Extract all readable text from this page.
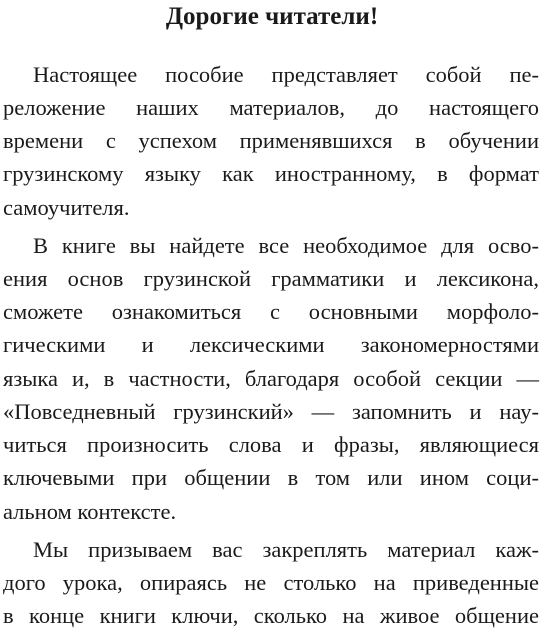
Дорогие читатели!

Настоящее пособие представляет собой пе-

реложение наших материалов, до настоящего

времени с успехом применявшихся в обучении

грузинскому языку как иностранному, в формат

самоучителя.

В книге вы найдете все необходимое для осво-

ения основ грузинской грамматики и лексикона,

сможете ознакомиться с основными морфоло-

гическими и лексическими закономерностями

языка и, в частности, благодаря особой секции —

«Повседневный грузинский» — запомнить и нау-

читься произносить слова и фразы, являющиеся

ключевыми при общении в том или ином соци-

альном контексте.

Мы призываем вас закреплять материал каж-

дого урока, опираясь не столько на приведенные

в конце книги ключи, сколько на живое общение
